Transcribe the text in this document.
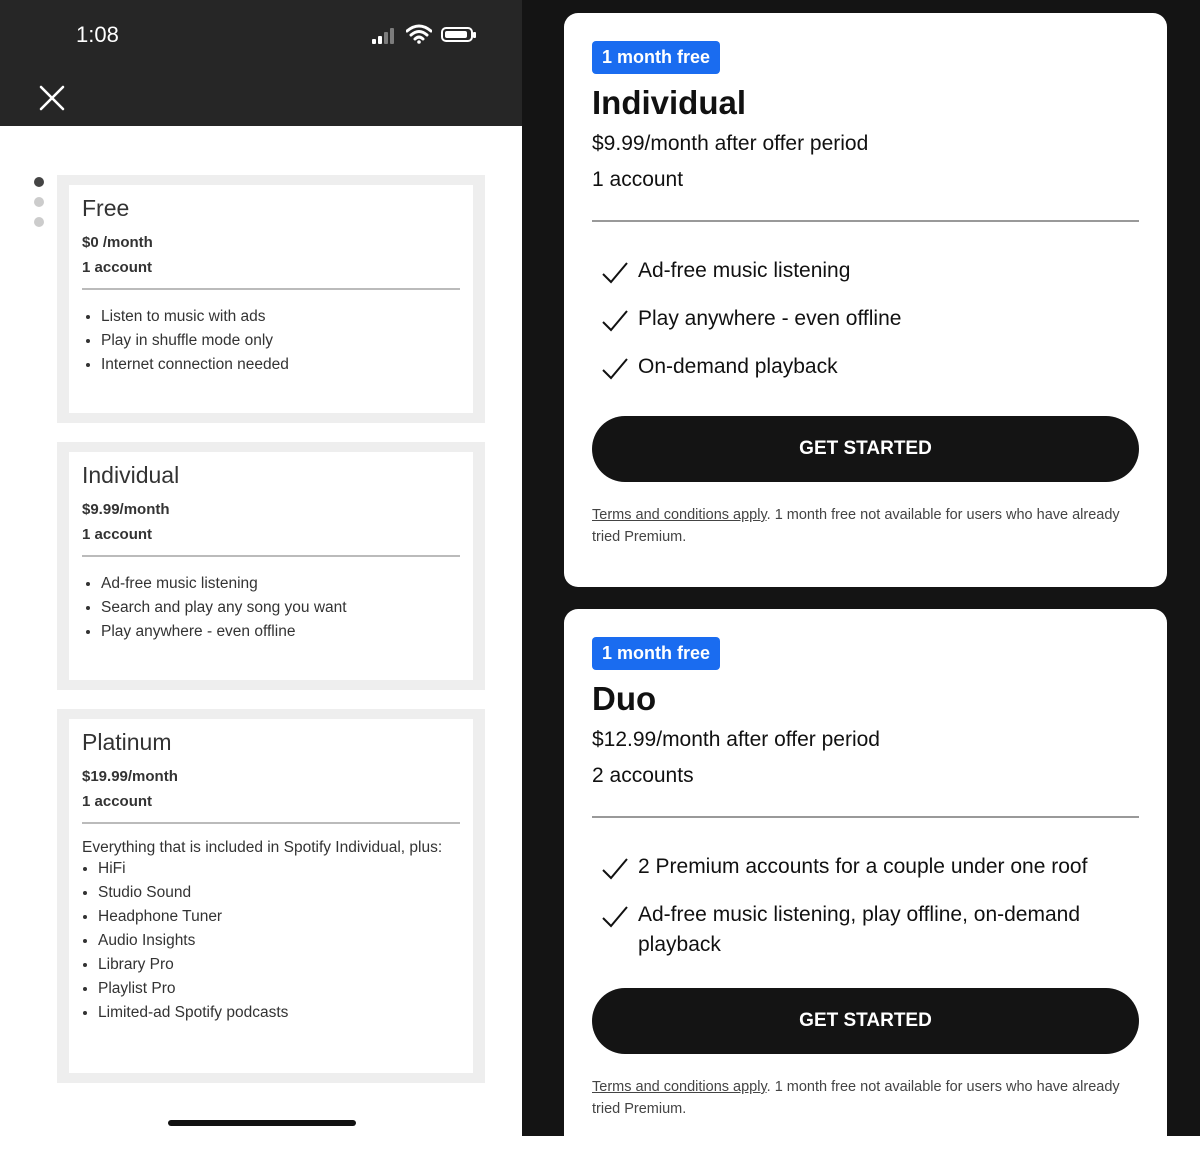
1:08
Free
$0 /month
1 account
• Listen to music with ads
• Play in shuffle mode only
• Internet connection needed
Individual
$9.99/month
1 account
• Ad-free music listening
• Search and play any song you want
• Play anywhere - even offline
Platinum
$19.99/month
1 account
Everything that is included in Spotify Individual, plus:
• HiFi
• Studio Sound
• Headphone Tuner
• Audio Insights
• Library Pro
• Playlist Pro
• Limited-ad Spotify podcasts
1 month free
Individual
$9.99/month after offer period
1 account
Ad-free music listening
Play anywhere - even offline
On-demand playback
GET STARTED
Terms and conditions apply. 1 month free not available for users who have already tried Premium.
1 month free
Duo
$12.99/month after offer period
2 accounts
2 Premium accounts for a couple under one roof
Ad-free music listening, play offline, on-demand playback
GET STARTED
Terms and conditions apply. 1 month free not available for users who have already tried Premium.
